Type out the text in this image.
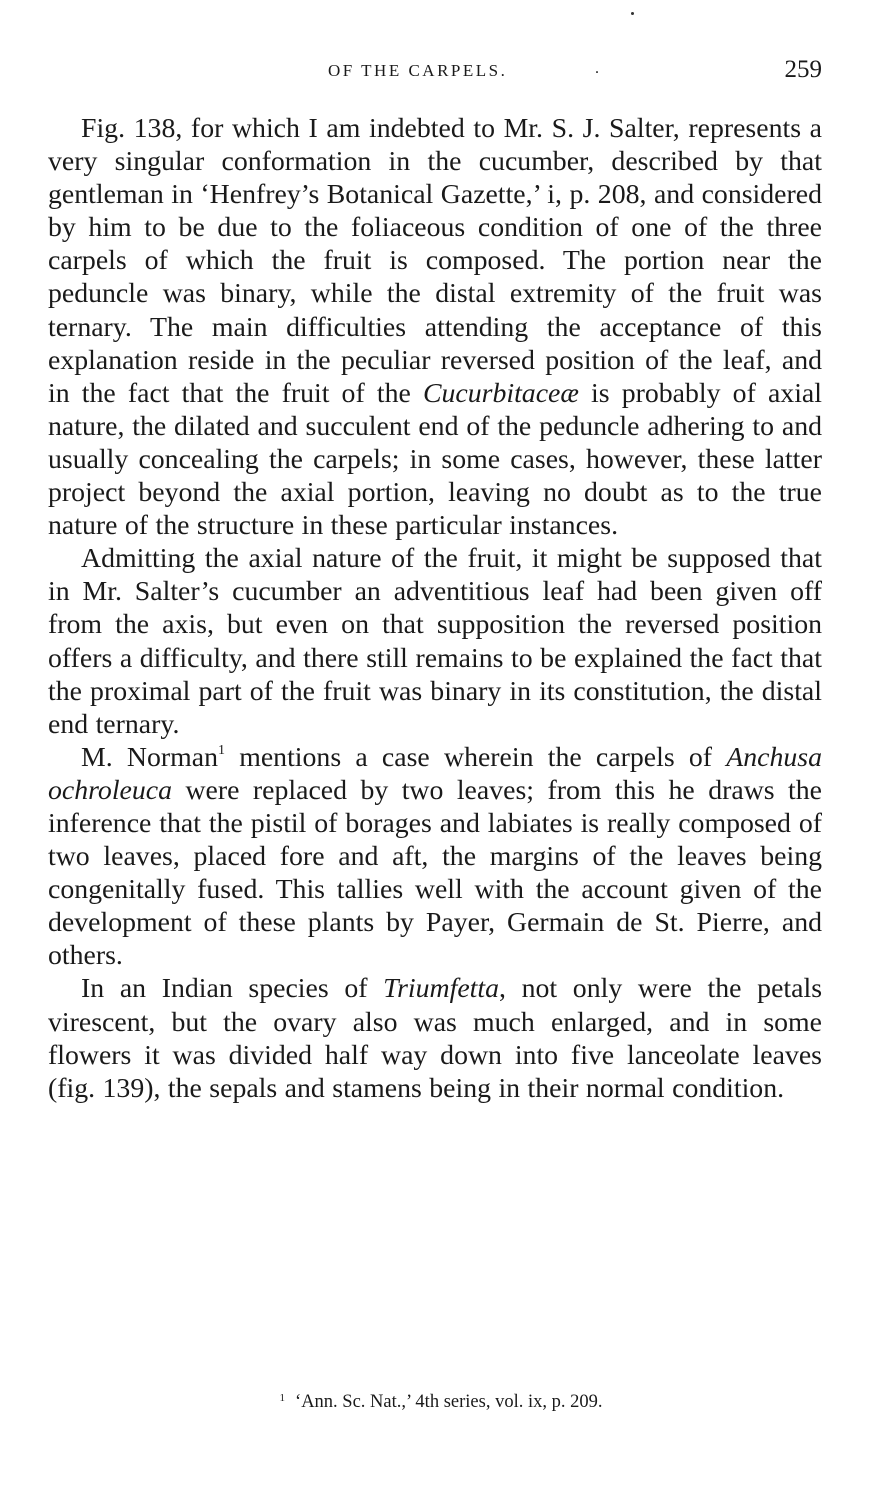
OF THE CARPELS.	.	259

Fig. 138, for which I am indebted to Mr. S. J. Salter, represents a very singular conformation in the cucumber, described by that gentleman in ‘Henfrey’s Botanical Gazette,’ i, p. 208, and considered by him to be due to the foliaceous condition of one of the three carpels of which the fruit is composed. The portion near the peduncle was binary, while the distal extremity of the fruit was ternary. The main difficulties attending the acceptance of this explanation reside in the peculiar reversed position of the leaf, and in the fact that the fruit of the Cucurbitaceæ is probably of axial nature, the dilated and succulent end of the peduncle adhering to and usually concealing the carpels; in some cases, however, these latter project beyond the axial portion, leaving no doubt as to the true nature of the structure in these particular instances.

Admitting the axial nature of the fruit, it might be supposed that in Mr. Salter’s cucumber an adventitious leaf had been given off from the axis, but even on that supposition the reversed position offers a difficulty, and there still remains to be explained the fact that the proximal part of the fruit was binary in its constitution, the distal end ternary.

M. Norman$^1$ mentions a case wherein the carpels of Anchusa ochroleuca were replaced by two leaves; from this he draws the inference that the pistil of borages and labiates is really composed of two leaves, placed fore and aft, the margins of the leaves being congenitally fused. This tallies well with the account given of the development of these plants by Payer, Germain de St. Pierre, and others.

In an Indian species of Triumfetta, not only were the petals virescent, but the ovary also was much enlarged, and in some flowers it was divided half way down into five lanceolate leaves (fig. 139), the sepals and stamens being in their normal condition.

$^1$ ‘Ann. Sc. Nat.,’ 4th series, vol. ix, p. 209.
